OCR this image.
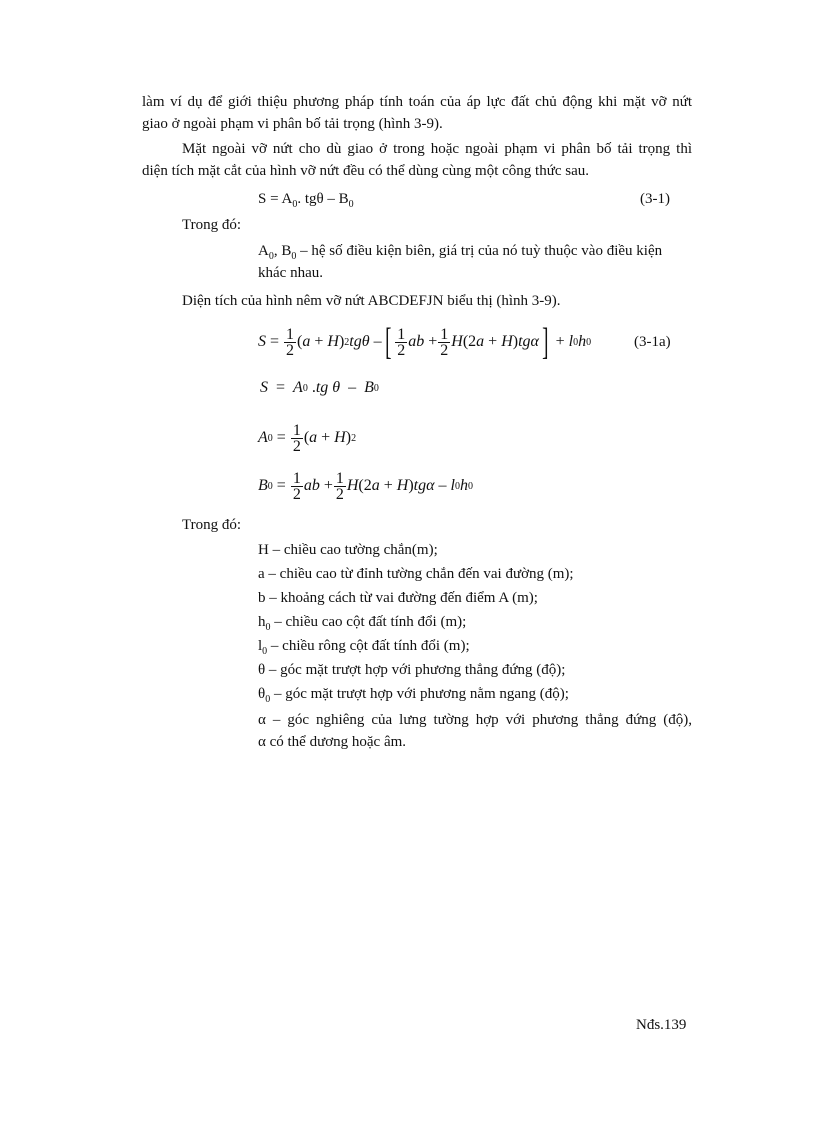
làm ví dụ để giới thiệu phương pháp tính toán của áp lực đất chủ động khi mặt vỡ nứt
giao ở ngoài phạm vi phân bố tải trọng (hình 3-9).
Mặt ngoài vỡ nứt cho dù giao ở trong hoặc ngoài phạm vi phân bố tải trọng thì
diện tích mặt cắt của hình vỡ nứt đều có thể dùng cùng một công thức sau.
$S = A_0$. tgθ – $B_0$	(3-1)
Trong đó:
$A_0$, $B_0$ – hệ số điều kiện biên, giá trị của nó tuỳ thuộc vào điều kiện
khác nhau.
Diện tích của hình nêm vỡ nứt ABCDEFJN biểu thị (hình 3-9).
$S = \frac{1}{2}$ ( a + H ) 2 tgθ – [ $\frac{1}{2}$ ab + $\frac{1}{2}$ H (2 a + H ) tgα ] + l 0 h 0	(3-1a)
S = A 0 . tg
θ – B 0
A $0 = \frac{1}{2}$ ( a + H ) 2
B $0 = \frac{1}{2}$ ab + $\frac{1}{2}$ H (2 a + H ) tgα – l 0 h 0
Trong đó:
H – chiều cao tường chắn(m);
a – chiều cao từ đỉnh tường chắn đến vai đường (m);
b – khoảng cách từ vai đường đến điểm A (m);
$h_0$ – chiều cao cột đất tính đổi (m);
$l_0$ – chiều rông cột đất tính đổi (m);
θ – góc mặt trượt hợp với phương thẳng đứng (độ);
$\theta_0$ – góc mặt trượt hợp với phương nằm ngang (độ);
α – góc nghiêng của lưng tường hợp với phương thẳng đứng (độ),
α có thể dương hoặc âm.
Nđs.139
